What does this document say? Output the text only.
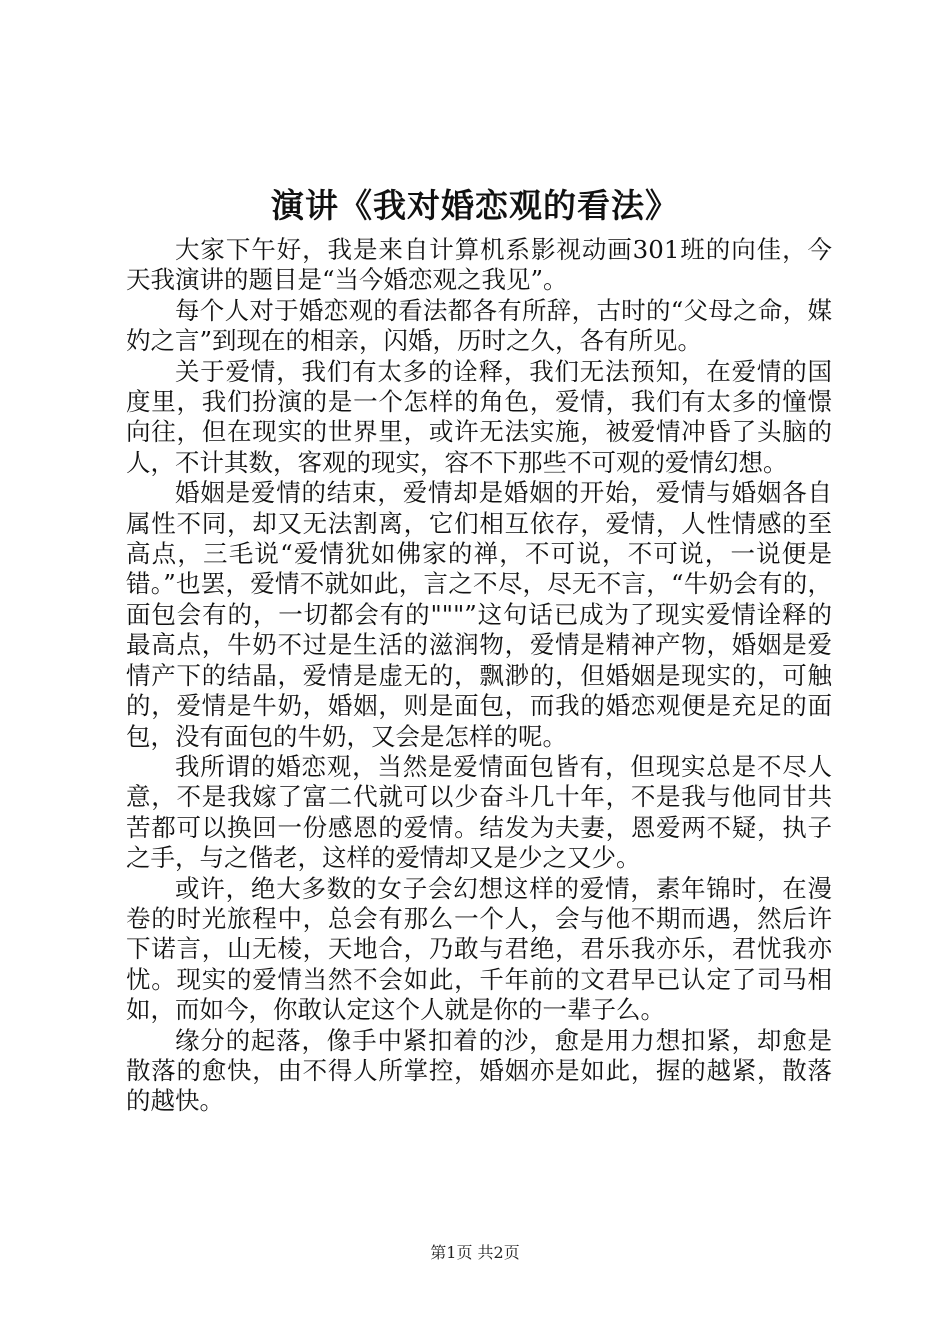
演讲《我对婚恋观的看法》

大家下午好，我是来自计算机系影视动画301班的向佳，今天我演讲的题目是“当今婚恋观之我见”。

每个人对于婚恋观的看法都各有所辞，古时的“父母之命，媒妁之言”到现在的相亲，闪婚，历时之久，各有所见。

关于爱情，我们有太多的诠释，我们无法预知，在爱情的国度里，我们扮演的是一个怎样的角色，爱情，我们有太多的憧憬向往，但在现实的世界里，或许无法实施，被爱情冲昏了头脑的人，不计其数，客观的现实，容不下那些不可观的爱情幻想。

婚姻是爱情的结束，爱情却是婚姻的开始，爱情与婚姻各自属性不同，却又无法割离，它们相互依存，爱情，人性情感的至高点，三毛说“爱情犹如佛家的禅，不可说，不可说，一说便是错。”也罢，爱情不就如此，言之不尽，尽无不言，“牛奶会有的，面包会有的，一切都会有的"""”这句话已成为了现实爱情诠释的最高点，牛奶不过是生活的滋润物，爱情是精神产物，婚姻是爱情产下的结晶，爱情是虚无的，飘渺的，但婚姻是现实的，可触的，爱情是牛奶，婚姻，则是面包，而我的婚恋观便是充足的面包，没有面包的牛奶，又会是怎样的呢。

我所谓的婚恋观，当然是爱情面包皆有，但现实总是不尽人意，不是我嫁了富二代就可以少奋斗几十年，不是我与他同甘共苦都可以换回一份感恩的爱情。结发为夫妻，恩爱两不疑，执子之手，与之偕老，这样的爱情却又是少之又少。

或许，绝大多数的女子会幻想这样的爱情，素年锦时，在漫卷的时光旅程中，总会有那么一个人，会与他不期而遇，然后许下诺言，山无棱，天地合，乃敢与君绝，君乐我亦乐，君忧我亦忧。现实的爱情当然不会如此，千年前的文君早已认定了司马相如，而如今，你敢认定这个人就是你的一辈子么。

缘分的起落，像手中紧扣着的沙，愈是用力想扣紧，却愈是散落的愈快，由不得人所掌控，婚姻亦是如此，握的越紧，散落的越快。

第1页 共2页
